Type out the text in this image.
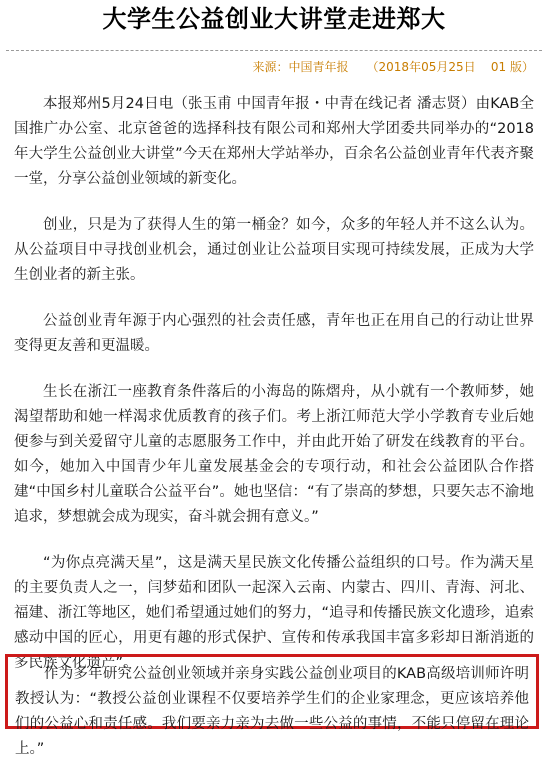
大学生公益创业大讲堂走进郑大
来源：中国青年报 （2018年05月25日 01 版）

本报郑州5月24日电（张玉甫 中国青年报・中青在线记者 潘志贤）由KAB全国推广办公室、北京爸爸的选择科技有限公司和郑州大学团委共同举办的“2018年大学生公益创业大讲堂”今天在郑州大学站举办，百余名公益创业青年代表齐聚一堂，分享公益创业领域的新变化。

创业，只是为了获得人生的第一桶金？如今，众多的年轻人并不这么认为。从公益项目中寻找创业机会，通过创业让公益项目实现可持续发展，正成为大学生创业者的新主张。

公益创业青年源于内心强烈的社会责任感，青年也正在用自己的行动让世界变得更友善和更温暖。

生长在浙江一座教育条件落后的小海岛的陈熠舟，从小就有一个教师梦，她渴望帮助和她一样渴求优质教育的孩子们。考上浙江师范大学小学教育专业后她便参与到关爱留守儿童的志愿服务工作中，并由此开始了研发在线教育的平台。如今，她加入中国青少年儿童发展基金会的专项行动，和社会公益团队合作搭建“中国乡村儿童联合公益平台”。她也坚信：“有了崇高的梦想，只要矢志不渝地追求，梦想就会成为现实，奋斗就会拥有意义。”

“为你点亮满天星”，这是满天星民族文化传播公益组织的口号。作为满天星的主要负责人之一，闫梦茹和团队一起深入云南、内蒙古、四川、青海、河北、福建、浙江等地区，她们希望通过她们的努力，“追寻和传播民族文化遗珍，追索感动中国的匠心，用更有趣的形式保护、宣传和传承我国丰富多彩却日渐消逝的多民族文化遗产”。

作为多年研究公益创业领域并亲身实践公益创业项目的KAB高级培训师许明教授认为：“教授公益创业课程不仅要培养学生们的企业家理念，更应该培养他们的公益心和责任感。我们要亲力亲为去做一些公益的事情，不能只停留在理论上。”
